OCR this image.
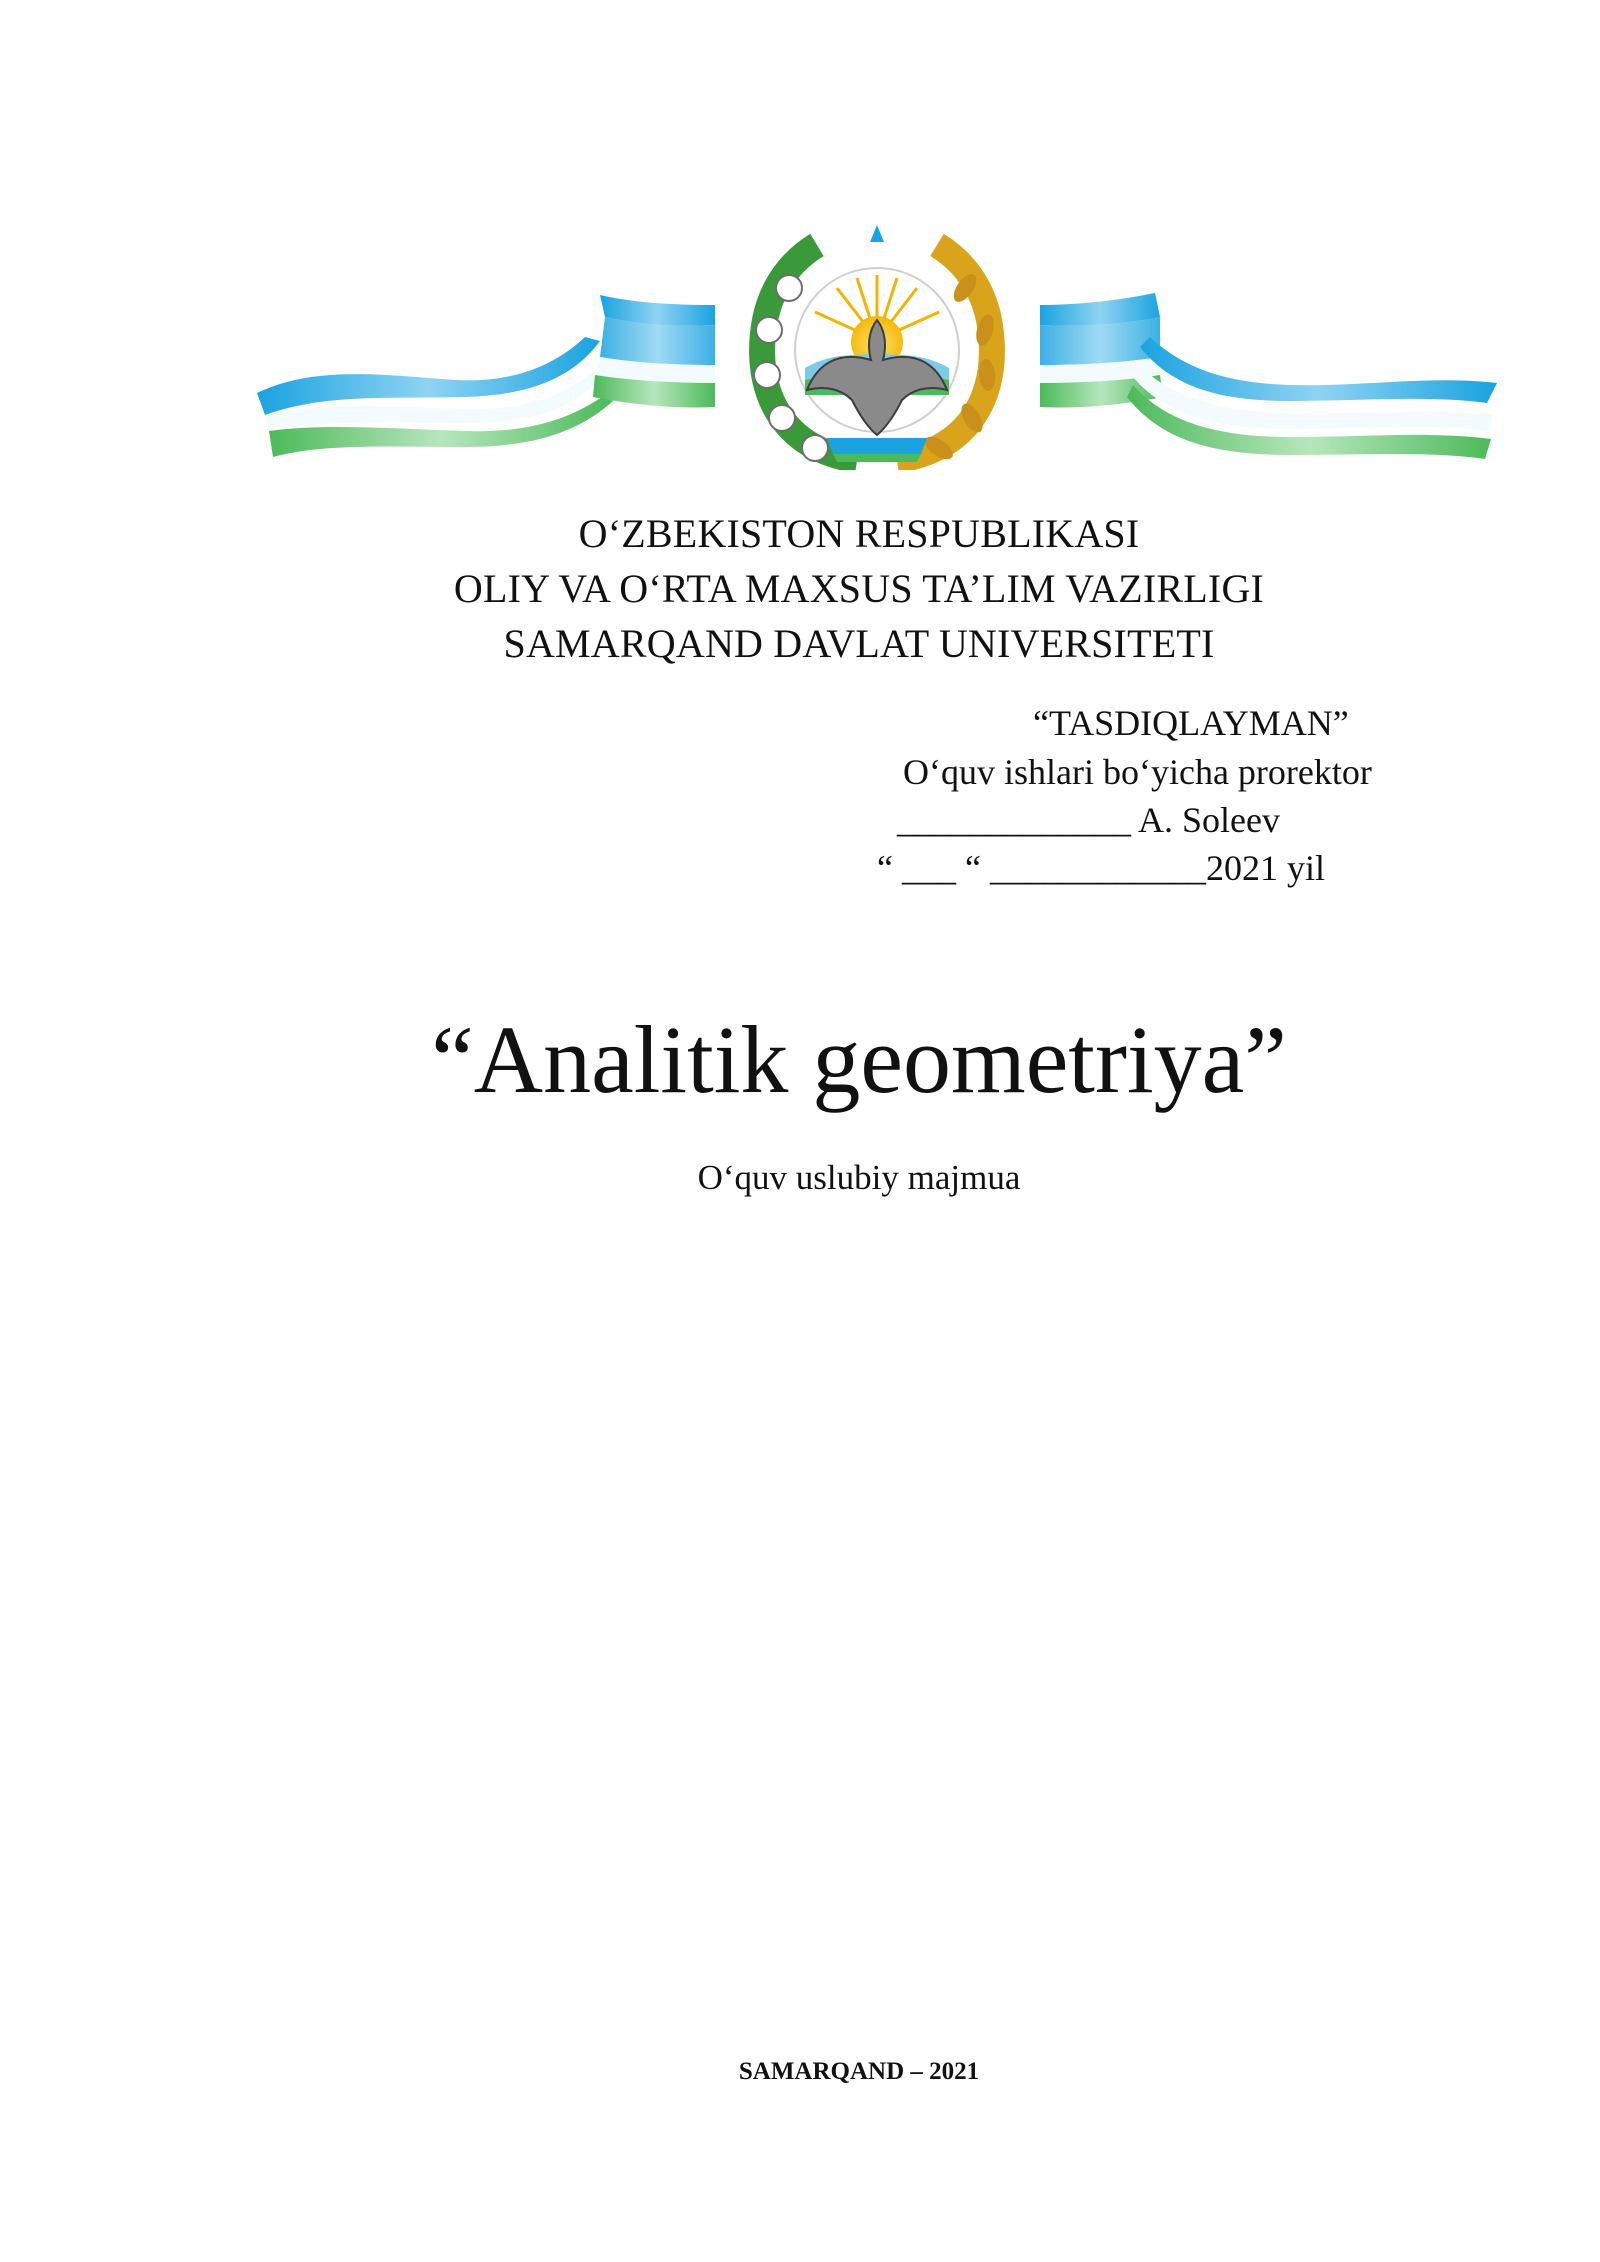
O‘ZBEKISTON RESPUBLIKASI
OLIY VA O‘RTA MAXSUS TA’LIM VAZIRLIGI
SAMARQAND DAVLAT UNIVERSITETI
“TASDIQLAYMAN”
O‘quv ishlari bo‘yicha prorektor
_____________ A. Soleev
“ ___ “ ____________2021 yil
“Analitik geometriya”
O‘quv uslubiy majmua
SAMARQAND – 2021
